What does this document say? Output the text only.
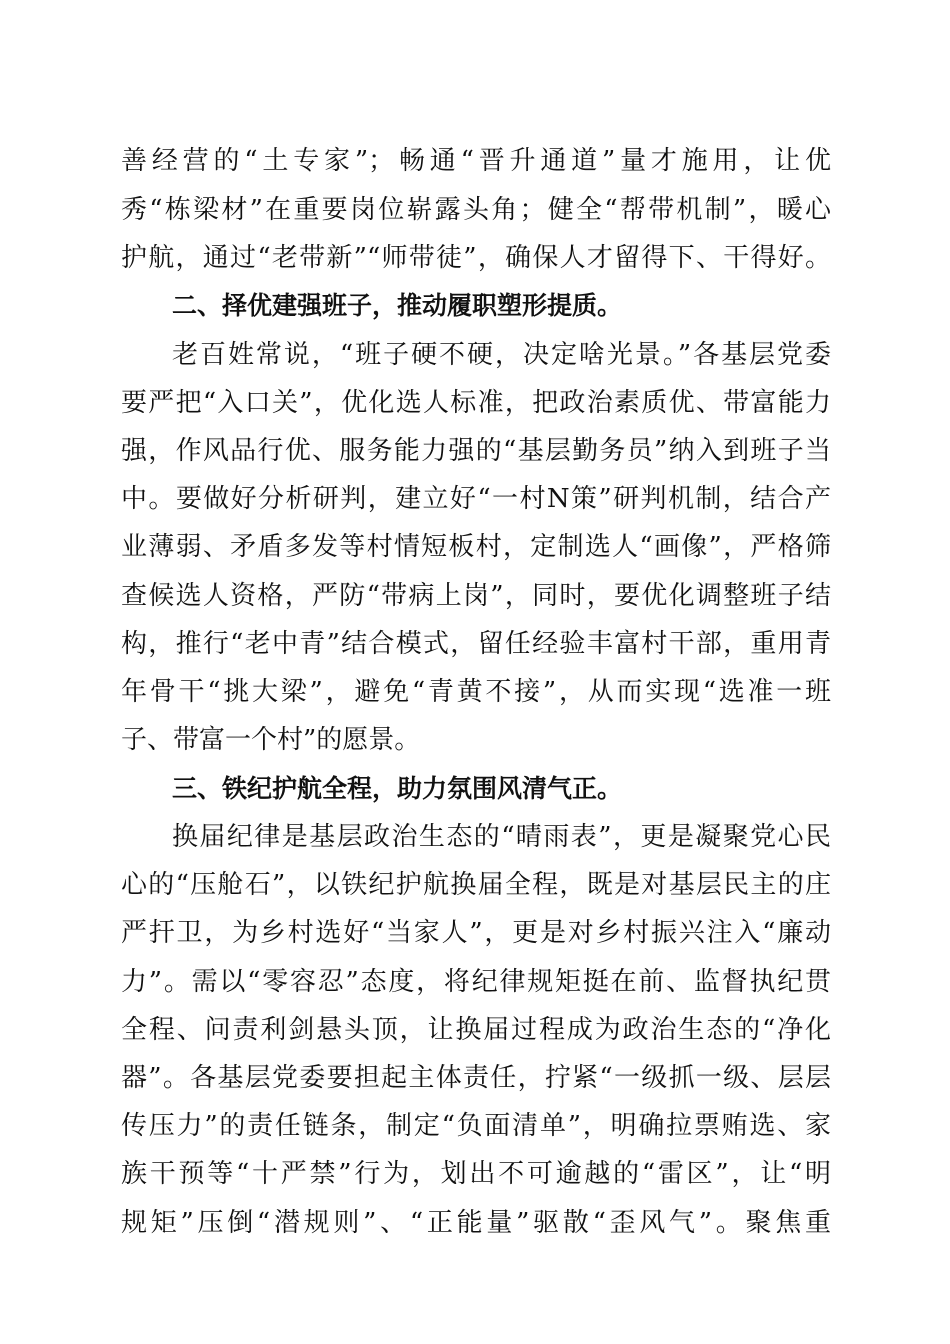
善经营的“土专家”；畅通“晋升通道”量才施用，让优
秀“栋梁材”在重要岗位崭露头角；健全“帮带机制”，暖心
护航，通过“老带新”“师带徒”，确保人才留得下、干得好。
二、择优建强班子，推动履职塑形提质。
老百姓常说，“班子硬不硬，决定啥光景。”各基层党委
要严把“入口关”，优化选人标准，把政治素质优、带富能力
强，作风品行优、服务能力强的“基层勤务员”纳入到班子当
中。要做好分析研判，建立好“一村N策”研判机制，结合产
业薄弱、矛盾多发等村情短板村，定制选人“画像”，严格筛
查候选人资格，严防“带病上岗”，同时，要优化调整班子结
构，推行“老中青”结合模式，留任经验丰富村干部，重用青
年骨干“挑大梁”，避免“青黄不接”，从而实现“选准一班
子、带富一个村”的愿景。
三、铁纪护航全程，助力氛围风清气正。
换届纪律是基层政治生态的“晴雨表”，更是凝聚党心民
心的“压舱石”，以铁纪护航换届全程，既是对基层民主的庄
严扞卫，为乡村选好“当家人”，更是对乡村振兴注入“廉动
力”。需以“零容忍”态度，将纪律规矩挺在前、监督执纪贯
全程、问责利剑悬头顶，让换届过程成为政治生态的“净化
器”。各基层党委要担起主体责任，拧紧“一级抓一级、层层
传压力”的责任链条，制定“负面清单”，明确拉票贿选、家
族干预等“十严禁”行为，划出不可逾越的“雷区”，让“明
规矩”压倒“潜规则”、“正能量”驱散“歪风气”。聚焦重
